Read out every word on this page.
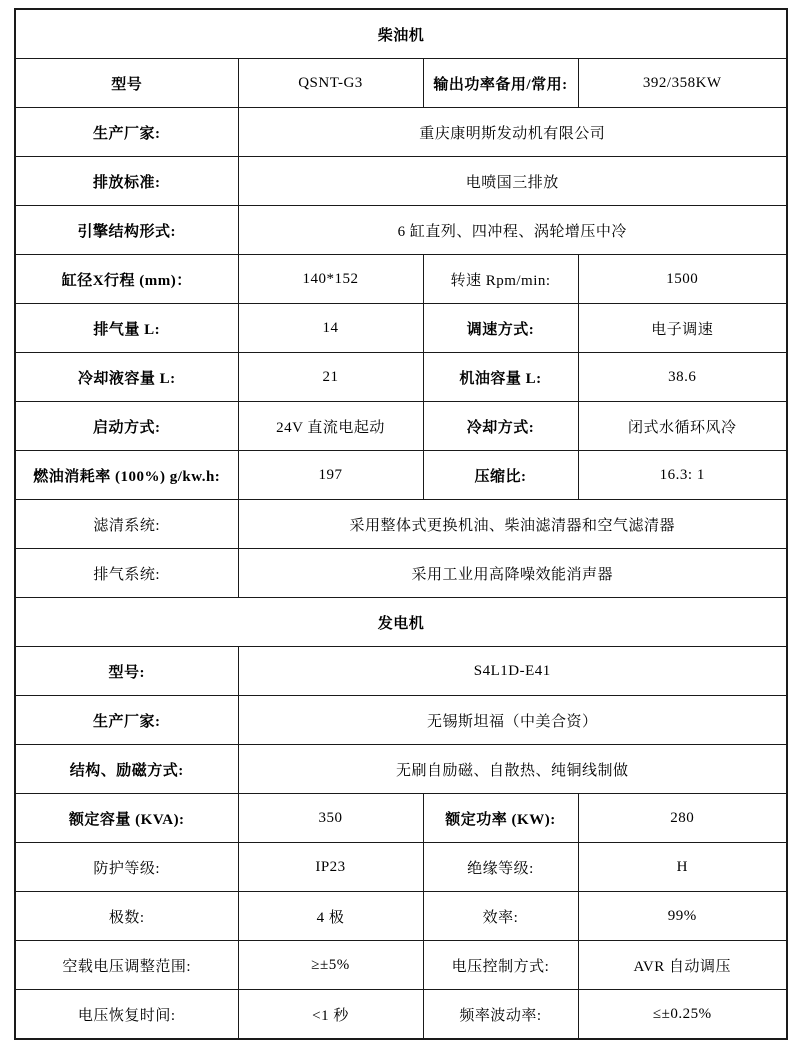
柴油机			
型号	QSNT-G3	输出功率备用/常用:	392/358KW
生产厂家:	重庆康明斯发动机有限公司		
排放标准:	电喷国三排放		
引擎结构形式:	6 缸直列、四冲程、涡轮增压中冷		
缸径X行程 (mm)：	140*152	转速 Rpm/min:	1500
排气量 L:	14	调速方式:	电子调速
冷却液容量 L:	21	机油容量 L:	38.6
启动方式:	24V 直流电起动	冷却方式:	闭式水循环风冷
燃油消耗率 (100%) g/kw.h:	197	压缩比:	16.3: 1
滤清系统:	采用整体式更换机油、柴油滤清器和空气滤清器		
排气系统:	采用工业用高降噪效能消声器		
发电机			
型号:	S4L1D-E41		
生产厂家:	无锡斯坦福（中美合资）		
结构、励磁方式:	无刷自励磁、自散热、纯铜线制做		
额定容量 (KVA):	350	额定功率 (KW):	280
防护等级:	IP23	绝缘等级:	H
极数:	4 极	效率:	99%
空载电压调整范围:	≥±5%	电压控制方式:	AVR 自动调压
电压恢复时间:	<1 秒	频率波动率:	≤±0.25%
